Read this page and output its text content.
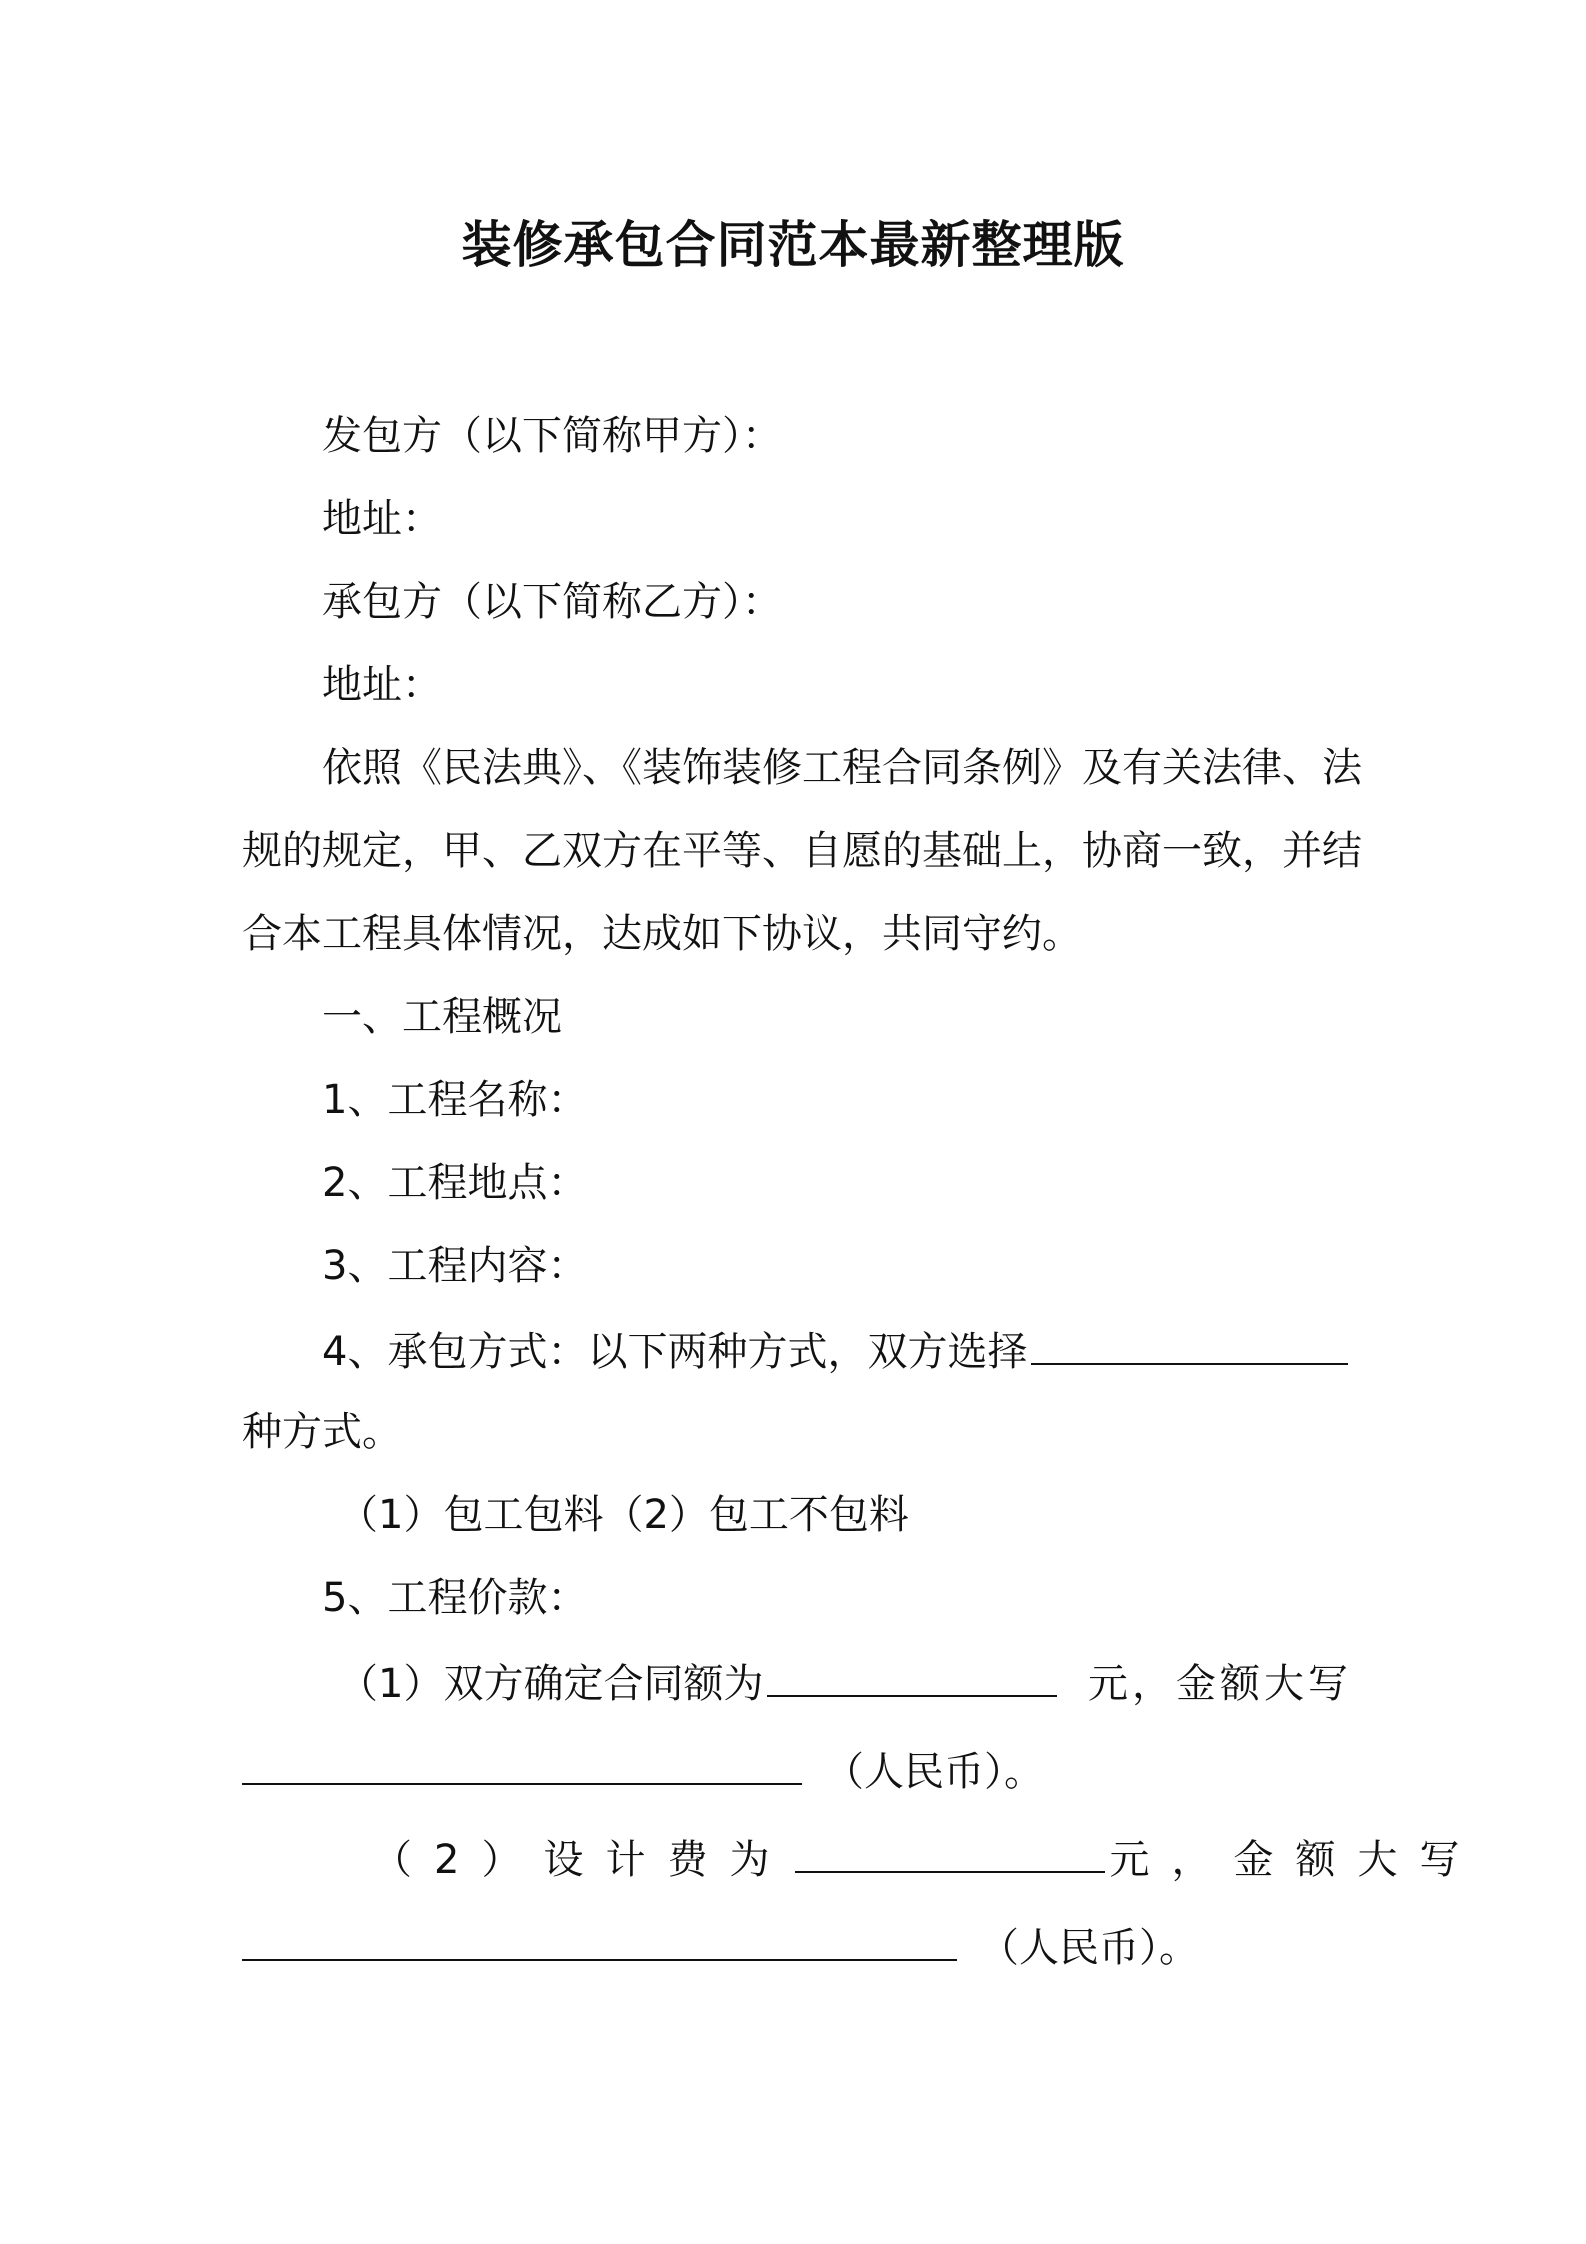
装修承包合同范本最新整理版
发包方（以下简称甲方）：
地址：
承包方（以下简称乙方）：
地址：
依照《民法典》、《装饰装修工程合同条例》及有关法律、法
规的规定，甲、乙双方在平等、自愿的基础上，协商一致，并结
合本工程具体情况，达成如下协议，共同守约。
一、工程概况
1、工程名称：
2、工程地点：
3、工程内容：
4、承包方式：以下两种方式，双方选择
种方式。
（1）包工包料（2）包工不包料
5、工程价款：
（1）双方确定合同额为	元，金额大写
（人民币）。
（2）设计费为	元，金额大写
（人民币）。
